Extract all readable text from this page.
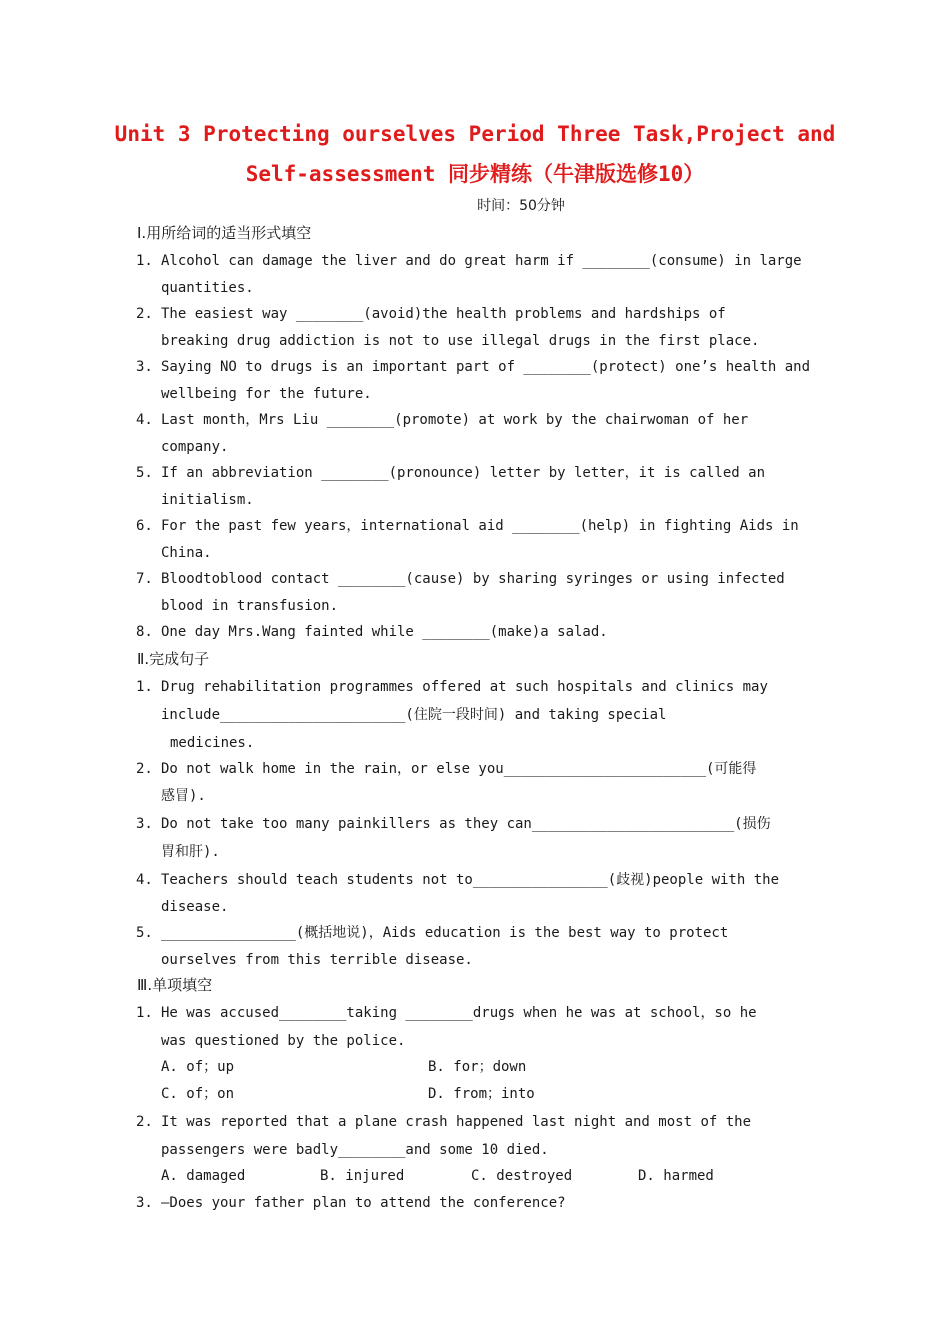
Unit 3 Protecting ourselves Period Three Task,Project and
Self-assessment 同步精练（牛津版选修10）
时间：50分钟
Ⅰ.用所给词的适当形式填空
1. Alcohol can damage the liver and do great harm if ________(consume) in large
quantities.
2. The easiest way ________(avoid)the health problems and hardships of
breaking drug addiction is not to use illegal drugs in the first place.
3. Saying NO to drugs is an important part of ________(protect) one’s health and
wellbeing for the future.
4. Last month，Mrs Liu ________(promote) at work by the chairwoman of her
company.
5. If an abbreviation ________(pronounce) letter by letter，it is called an
initialism.
6. For the past few years，international aid ________(help) in fighting Aids in
China.
7. Bloodtoblood contact ________(cause) by sharing syringes or using infected
blood in transfusion.
8. One day Mrs.Wang fainted while ________(make)a salad.
Ⅱ.完成句子
1. Drug rehabilitation programmes offered at such hospitals and clinics may
include______________________(住院一段时间) and taking special
medicines.
2. Do not walk home in the rain，or else you________________________(可能得
感冒).
3. Do not take too many painkillers as they can________________________(损伤
胃和肝).
4. Teachers should teach students not to________________(歧视)people with the
disease.
5. ________________(概括地说)，Aids education is the best way to protect
ourselves from this terrible disease.
Ⅲ.单项填空
1. He was accused________taking ________drugs when he was at school，so he
was questioned by the police.
A. of；up	B. for；down
C. of；on	D. from；into
2. It was reported that a plane crash happened last night and most of the
passengers were badly________and some 10 died.
A. damaged	B. injured	C. destroyed	D. harmed
3. —Does your father plan to attend the conference?
